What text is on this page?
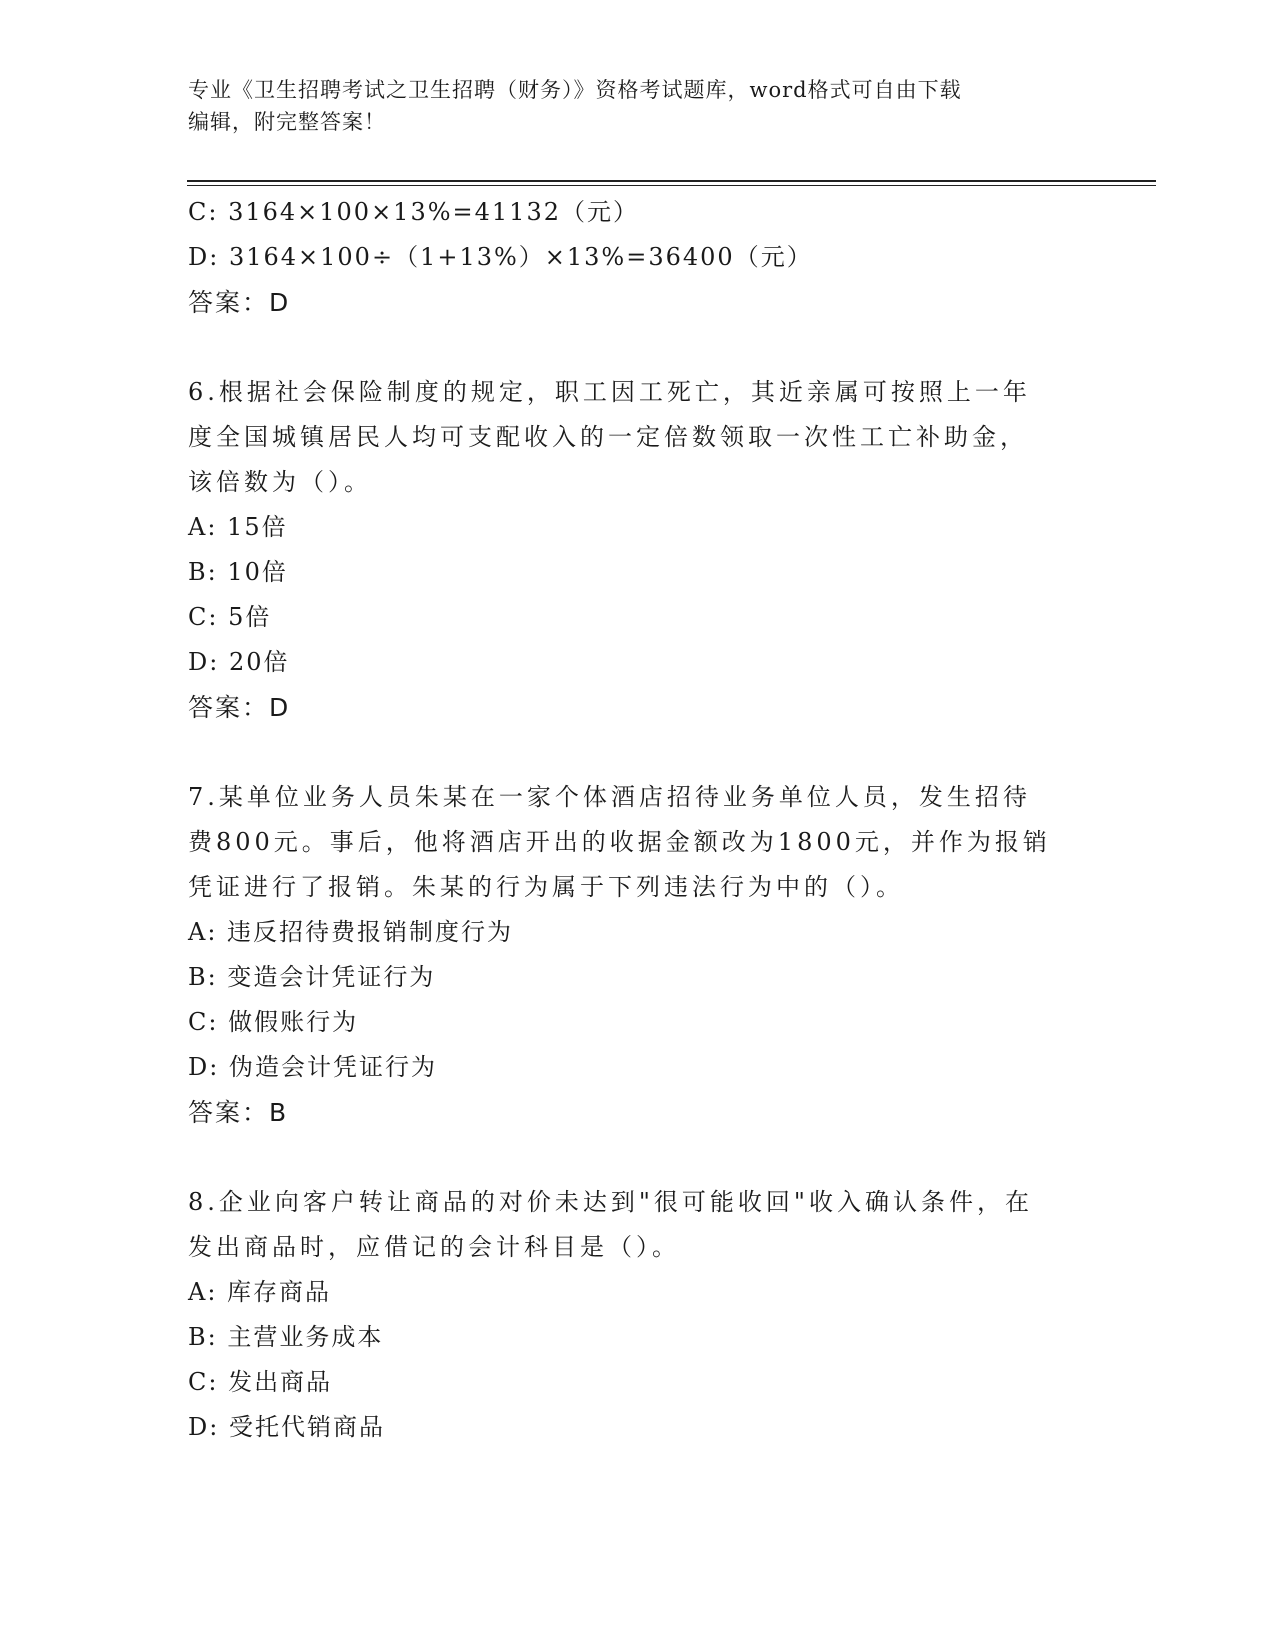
专业《卫生招聘考试之卫生招聘（财务）》资格考试题库，word格式可自由下载
编辑，附完整答案！
C: 3164×100×13%=41132（元）
D: 3164×100÷（1+13%）×13%=36400（元）
答案：D
6.根据社会保险制度的规定，职工因工死亡，其近亲属可按照上一年
度全国城镇居民人均可支配收入的一定倍数领取一次性工亡补助金，
该倍数为（）。
A: 15倍
B: 10倍
C: 5倍
D: 20倍
答案：D
7.某单位业务人员朱某在一家个体酒店招待业务单位人员，发生招待
费800元。事后，他将酒店开出的收据金额改为1800元，并作为报销
凭证进行了报销。朱某的行为属于下列违法行为中的（）。
A: 违反招待费报销制度行为
B: 变造会计凭证行为
C: 做假账行为
D: 伪造会计凭证行为
答案：B
8.企业向客户转让商品的对价未达到"很可能收回"收入确认条件，在
发出商品时，应借记的会计科目是（）。
A: 库存商品
B: 主营业务成本
C: 发出商品
D: 受托代销商品
